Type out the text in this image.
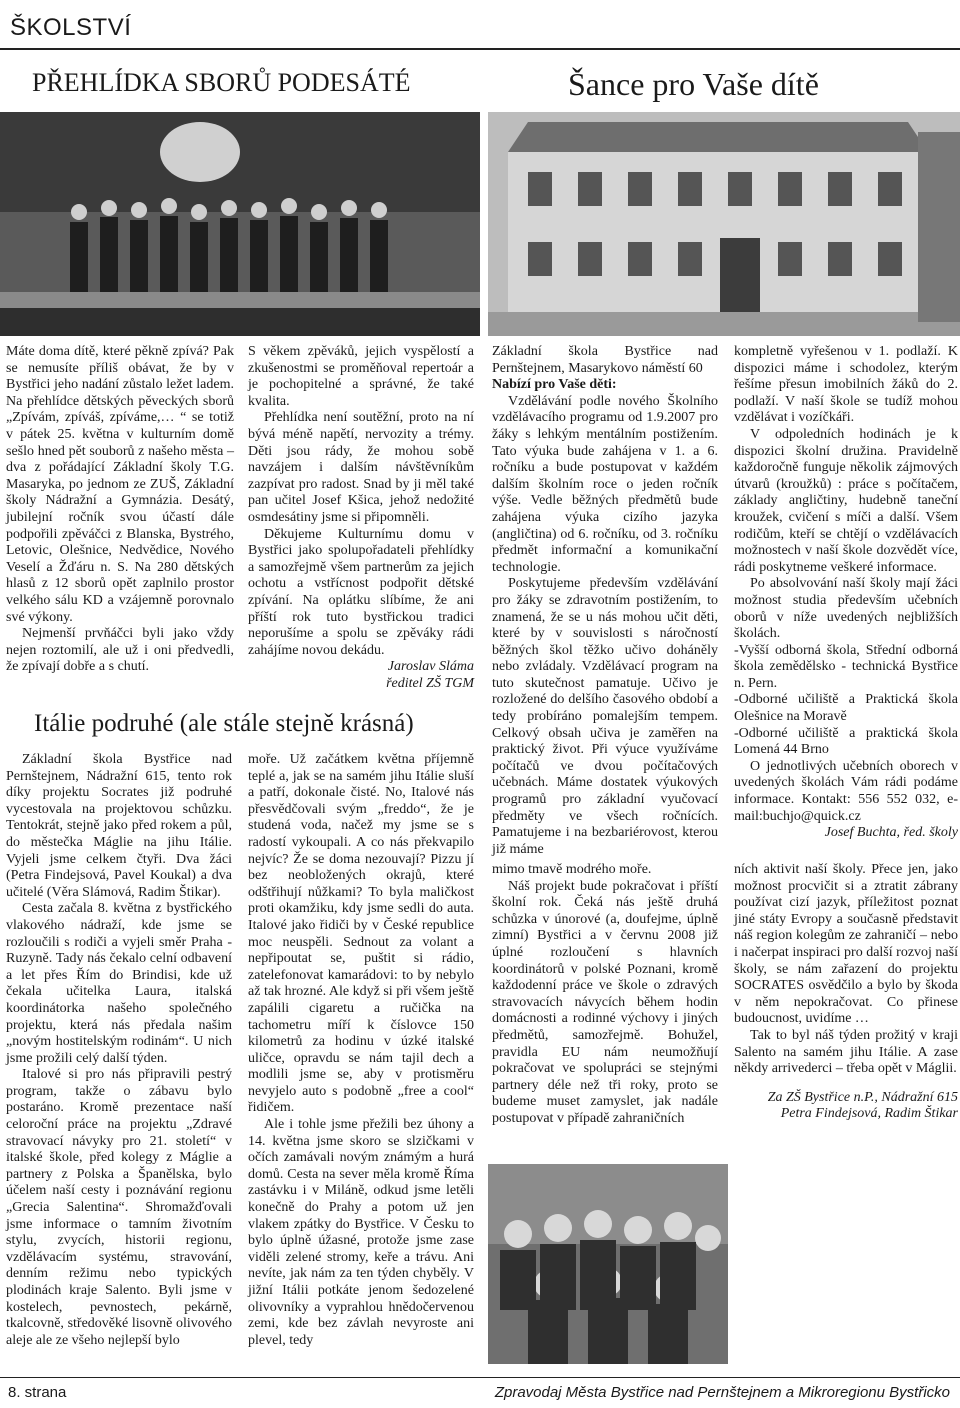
ŠKOLSTVÍ
PŘEHLÍDKA SBORŮ PODESÁTÉ	Šance pro Vaše dítě

Máte doma dítě, které pěkně zpívá? Pak se nemusíte příliš obávat, že by v Bystřici jeho nadání zůstalo ležet ladem. Na přehlídce dětských pěveckých sborů „Zpívám, zpíváš, zpíváme,… “ se totiž v pátek 25. května v kulturním domě sešlo hned pět souborů z našeho města – dva z pořádající Základní školy T.G. Masaryka, po jednom ze ZUŠ, Základní školy Nádražní a Gymnázia. Desátý, jubilejní ročník svou účastí dále podpořili zpěváčci z Blanska, Bystrého, Letovic, Olešnice, Nedvědice, Nového Veselí a Žďáru n. S. Na 280 dětských hlasů z 12 sborů opět zaplnilo prostor velkého sálu KD a vzájemně porovnalo své výkony.

Nejmenší prvňáčci byli jako vždy nejen roztomilí, ale už i oni předvedli, že zpívají dobře a s chutí.

S věkem zpěváků, jejich vyspělostí a zkušenostmi se proměňoval repertoár a je pochopitelné a správné, že také kvalita.

Přehlídka není soutěžní, proto na ní bývá méně napětí, nervozity a trémy. Děti jsou rády, že mohou sobě navzájem i dalším návštěvníkům zazpívat pro radost. Snad by ji měl také pan učitel Josef Kšica, jehož nedožité osmdesátiny jsme si připomněli.

Děkujeme Kulturnímu domu v Bystřici jako spolupořadateli přehlídky a samozřejmě všem partnerům za jejich ochotu a vstřícnost podpořit dětské zpívání. Na oplátku slíbíme, že ani příští rok tuto bystřickou tradici neporušíme a spolu se zpěváky rádi zahájíme novou dekádu.

Jaroslav Sláma
ředitel ZŠ TGM

Základní škola Bystřice nad Pernštejnem, Masarykovo náměstí 60

Nabízí pro Vaše děti:

Vzdělávání podle nového Školního vzdělávacího programu od 1.9.2007 pro žáky s lehkým mentálním postižením. Tato výuka bude zahájena v 1. a 6. ročníku a bude postupovat v každém dalším školním roce o jeden ročník výše. Vedle běžných předmětů bude zahájena výuka cizího jazyka (angličtina) od 6. ročníku, od 3. ročníku předmět informační a komunikační technologie.

Poskytujeme především vzdělávání pro žáky se zdravotním postižením, to znamená, že se u nás mohou učit děti, které by v souvislosti s náročností běžných škol těžko učivo doháněly nebo zvládaly. Vzdělávací program na tuto skutečnost pamatuje. Učivo je rozložené do delšího časového období a tedy probíráno pomalejším tempem. Celkový obsah učiva je zaměřen na praktický život. Při výuce využíváme počítačů ve dvou počítačových učebnách. Máme dostatek výukových programů pro základní vyučovací předměty ve všech ročnících. Pamatujeme i na bezbariérovost, kterou již máme

kompletně vyřešenou v 1. podlaží. K dispozici máme i schodolez, kterým řešíme přesun imobilních žáků do 2. podlaží. V naší škole se tudíž mohou vzdělávat i vozíčkáři.

V odpoledních hodinách je k dispozici školní družina. Pravidelně každoročně funguje několik zájmových útvarů (kroužků) : práce s počítačem, základy angličtiny, hudebně taneční kroužek, cvičení s míči a další. Všem rodičům, kteří se chtějí o vzdělávacích možnostech v naší škole dozvědět více, rádi poskytneme veškeré informace.

Po absolvování naší školy mají žáci možnost studia především učebních oborů v níže uvedených nejbližších školách.

-Vyšší odborná škola, Střední odborná škola zemědělsko - technická Bystřice n. Pern.

-Odborné učiliště a Praktická škola Olešnice na Moravě

-Odborné učiliště a praktická škola Lomená 44 Brno

O jednotlivých učebních oborech v uvedených školách Vám rádi podáme informace. Kontakt: 556 552 032, e-mail:buchjo@quick.cz

Josef Buchta, řed. školy
Itálie podruhé (ale stále stejně krásná)

Základní škola Bystřice nad Pernštejnem, Nádražní 615, tento rok díky projektu Socrates již podruhé vycestovala na projektovou schůzku. Tentokrát, stejně jako před rokem a půl, do městečka Máglie na jihu Itálie. Vyjeli jsme celkem čtyři. Dva žáci (Petra Findejsová, Pavel Koukal) a dva učitelé (Věra Slámová, Radim Štikar).

Cesta začala 8. května z bystřického vlakového nádraží, kde jsme se rozloučili s rodiči a vyjeli směr Praha - Ruzyně. Tady nás čekalo celní odbavení a let přes Řím do Brindisi, kde už čekala učitelka Laura, italská koordinátorka našeho společného projektu, která nás předala našim „novým hostitelským rodinám“. U nich jsme prožili celý další týden.

Italové si pro nás připravili pestrý program, takže o zábavu bylo postaráno. Kromě prezentace naší celoroční práce na projektu „Zdravé stravovací návyky pro 21. století“ v italské škole, před kolegy z Máglie a partnery z Polska a Španělska, bylo účelem naší cesty i poznávání regionu „Grecia Salentina“. Shromažďovali jsme informace o tamním životním stylu, zvycích, historii regionu, vzdělávacím systému, stravování, denním režimu nebo typických plodinách kraje Salento. Byli jsme v kostelech, pevnostech, pekárně, tkalcovně, středověké lisovně olivového aleje ale ze všeho nejlepší bylo

moře. Už začátkem května příjemně teplé a, jak se na samém jihu Itálie sluší a patří, dokonale čisté. No, Italové nás přesvědčovali svým „freddo“, že je studená voda, načež my jsme se s radostí vykoupali. A co nás překvapilo nejvíc? Že se doma nezouvají? Pizzu jí bez neobložených okrajů, které odštřihují nůžkami? To byla maličkost proti okamžiku, kdy jsme sedli do auta. Italové jako řidiči by v České republice moc neuspěli. Sednout za volant a nepřipoutat se, puštit si rádio, zatelefonovat kamarádovi: to by nebylo až tak hrozné. Ale když si při všem ještě zapálili cigaretu a ručička na tachometru míří k číslovce 150 kilometrů za hodinu v úzké italské uličce, opravdu se nám tajil dech a modlili jsme se, aby v protisměru nevyjelo auto s podobně „free a cool“ řidičem.

Ale i tohle jsme přežili bez úhony a 14. května jsme skoro se slzičkami v očích zamávali novým známým a hurá domů. Cesta na sever měla kromě Říma zastávku i v Miláně, odkud jsme letěli konečně do Prahy a potom už jen vlakem zpátky do Bystřice. V Česku to bylo úplně úžasné, protože jsme zase viděli zelené stromy, keře a trávu. Ani nevíte, jak nám za ten týden chyběly. V jižní Itálii potkáte jenom šedozelené olivovníky a vyprahlou hnědočervenou zemi, kde bez závlah nevyroste ani plevel, tedy

mimo tmavě modrého moře.

Náš projekt bude pokračovat i příští školní rok. Čeká nás ještě druhá schůzka v únorové (a, doufejme, úplně zimní) Bystřici a v červnu 2008 již úplné rozloučení s hlavních koordinátorů v polské Poznani, kromě každodenní práce ve škole o zdravých stravovacích návycích během hodin domácnosti a rodinné výchovy i jiných předmětů, samozřejmě. Bohužel, pravidla EU nám neumožňují pokračovat ve spolupráci se stejnými partnery déle než tři roky, proto se budeme muset zamyslet, jak nadále postupovat v případě zahraničních

ních aktivit naší školy. Přece jen, jako možnost procvičit si a ztratit zábrany používat cizí jazyk, příležitost poznat jiné státy Evropy a současně představit náš region kolegům ze zahraničí – nebo i načerpat inspiraci pro další rozvoj naší školy, se nám zařazení do projektu SOCRATES osvědčilo a bylo by škoda v něm nepokračovat. Co přinese budoucnost, uvidíme …

Tak to byl náš týden prožitý v kraji Salento na samém jihu Itálie. A zase někdy arrivederci – třeba opět v Máglii.

Za ZŠ Bystřice n.P., Nádražní 615
Petra Findejsová, Radim Štikar
8. strana	Zpravodaj Města Bystřice nad Pernštejnem a Mikroregionu Bystřicko
